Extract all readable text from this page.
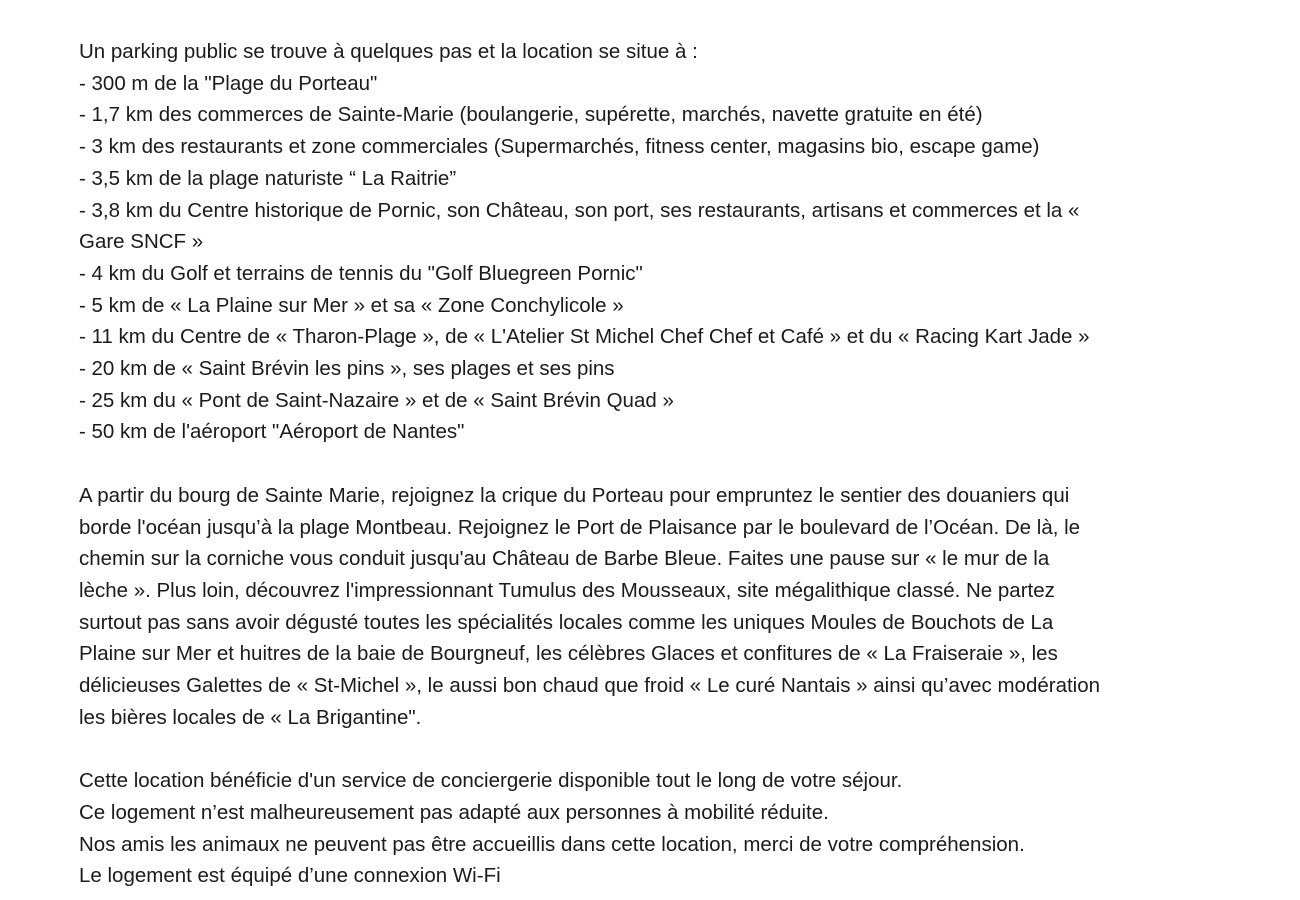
Un parking public se trouve à quelques pas et la location se situe à :

- 300 m de la "Plage du Porteau"

- 1,7 km des commerces de Sainte-Marie (boulangerie, supérette, marchés, navette gratuite en été)

- 3 km des restaurants et zone commerciales (Supermarchés, fitness center, magasins bio, escape game)

- 3,5 km de la plage naturiste “ La Raitrie”

- 3,8 km du Centre historique de Pornic, son Château, son port, ses restaurants, artisans et commerces et la «

Gare SNCF »

- 4 km du Golf et terrains de tennis du "Golf Bluegreen Pornic"

- 5 km de « La Plaine sur Mer » et sa « Zone Conchylicole »

- 11 km du Centre de « Tharon-Plage », de « L'Atelier St Michel Chef Chef et Café » et du « Racing Kart Jade »

- 20 km de « Saint Brévin les pins », ses plages et ses pins

- 25 km du « Pont de Saint-Nazaire » et de « Saint Brévin Quad »

- 50 km de l'aéroport "Aéroport de Nantes"

A partir du bourg de Sainte Marie, rejoignez la crique du Porteau pour empruntez le sentier des douaniers qui

borde l'océan jusqu’à la plage Montbeau. Rejoignez le Port de Plaisance par le boulevard de l’Océan. De là, le

chemin sur la corniche vous conduit jusqu'au Château de Barbe Bleue. Faites une pause sur « le mur de la

lèche ». Plus loin, découvrez l'impressionnant Tumulus des Mousseaux, site mégalithique classé. Ne partez

surtout pas sans avoir dégusté toutes les spécialités locales comme les uniques Moules de Bouchots de La

Plaine sur Mer et huitres de la baie de Bourgneuf, les célèbres Glaces et confitures de « La Fraiseraie », les

délicieuses Galettes de « St-Michel », le aussi bon chaud que froid « Le curé Nantais » ainsi qu’avec modération

les bières locales de « La Brigantine".

Cette location bénéficie d'un service de conciergerie disponible tout le long de votre séjour.

Ce logement n’est malheureusement pas adapté aux personnes à mobilité réduite.

Nos amis les animaux ne peuvent pas être accueillis dans cette location, merci de votre compréhension.

Le logement est équipé d’une connexion Wi-Fi
